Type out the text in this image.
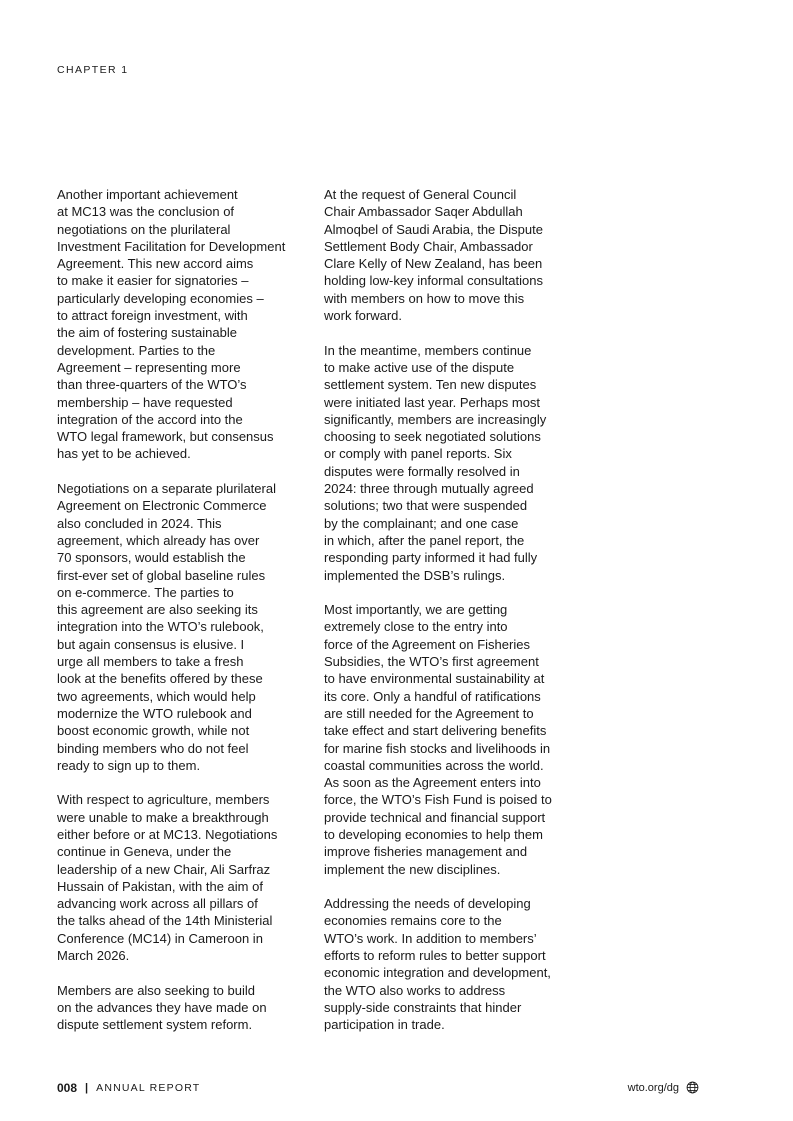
CHAPTER 1

Another important achievement
at MC13 was the conclusion of
negotiations on the plurilateral
Investment Facilitation for Development
Agreement. This new accord aims
to make it easier for signatories –
particularly developing economies –
to attract foreign investment, with
the aim of fostering sustainable
development. Parties to the
Agreement – representing more
than three-quarters of the WTO’s
membership – have requested
integration of the accord into the
WTO legal framework, but consensus
has yet to be achieved.

Negotiations on a separate plurilateral
Agreement on Electronic Commerce
also concluded in 2024. This
agreement, which already has over
70 sponsors, would establish the
first-ever set of global baseline rules
on e-commerce. The parties to
this agreement are also seeking its
integration into the WTO’s rulebook,
but again consensus is elusive. I
urge all members to take a fresh
look at the benefits offered by these
two agreements, which would help
modernize the WTO rulebook and
boost economic growth, while not
binding members who do not feel
ready to sign up to them.

With respect to agriculture, members
were unable to make a breakthrough
either before or at MC13. Negotiations
continue in Geneva, under the
leadership of a new Chair, Ali Sarfraz
Hussain of Pakistan, with the aim of
advancing work across all pillars of
the talks ahead of the 14th Ministerial
Conference (MC14) in Cameroon in
March 2026.

Members are also seeking to build
on the advances they have made on
dispute settlement system reform.

At the request of General Council
Chair Ambassador Saqer Abdullah
Almoqbel of Saudi Arabia, the Dispute
Settlement Body Chair, Ambassador
Clare Kelly of New Zealand, has been
holding low-key informal consultations
with members on how to move this
work forward.

In the meantime, members continue
to make active use of the dispute
settlement system. Ten new disputes
were initiated last year. Perhaps most
significantly, members are increasingly
choosing to seek negotiated solutions
or comply with panel reports. Six
disputes were formally resolved in
2024: three through mutually agreed
solutions; two that were suspended
by the complainant; and one case
in which, after the panel report, the
responding party informed it had fully
implemented the DSB’s rulings.

Most importantly, we are getting
extremely close to the entry into
force of the Agreement on Fisheries
Subsidies, the WTO’s first agreement
to have environmental sustainability at
its core. Only a handful of ratifications
are still needed for the Agreement to
take effect and start delivering benefits
for marine fish stocks and livelihoods in
coastal communities across the world.
As soon as the Agreement enters into
force, the WTO’s Fish Fund is poised to
provide technical and financial support
to developing economies to help them
improve fisheries management and
implement the new disciplines.

Addressing the needs of developing
economies remains core to the
WTO’s work. In addition to members’
efforts to reform rules to better support
economic integration and development,
the WTO also works to address
supply-side constraints that hinder
participation in trade.

008 | ANNUAL REPORT	wto.org/dg
